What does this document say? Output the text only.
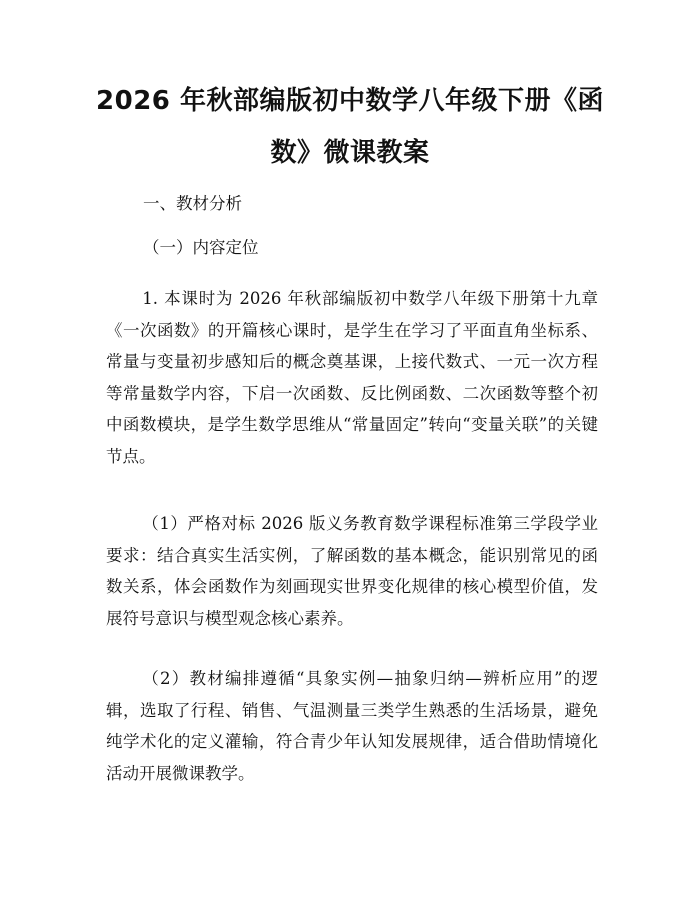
2026 年秋部编版初中数学八年级下册《函数》微课教案
一、教材分析
（一）内容定位

1. 本课时为 2026 年秋部编版初中数学八年级下册第十九章《一次函数》的开篇核心课时，是学生在学习了平面直角坐标系、常量与变量初步感知后的概念奠基课，上接代数式、一元一次方程等常量数学内容，下启一次函数、反比例函数、二次函数等整个初中函数模块，是学生数学思维从“常量固定”转向“变量关联”的关键节点。

（1）严格对标 2026 版义务教育数学课程标准第三学段学业要求：结合真实生活实例，了解函数的基本概念，能识别常见的函数关系，体会函数作为刻画现实世界变化规律的核心模型价值，发展符号意识与模型观念核心素养。

（2）教材编排遵循“具象实例—抽象归纳—辨析应用”的逻辑，选取了行程、销售、气温测量三类学生熟悉的生活场景，避免纯学术化的定义灌输，符合青少年认知发展规律，适合借助情境化活动开展微课教学。
